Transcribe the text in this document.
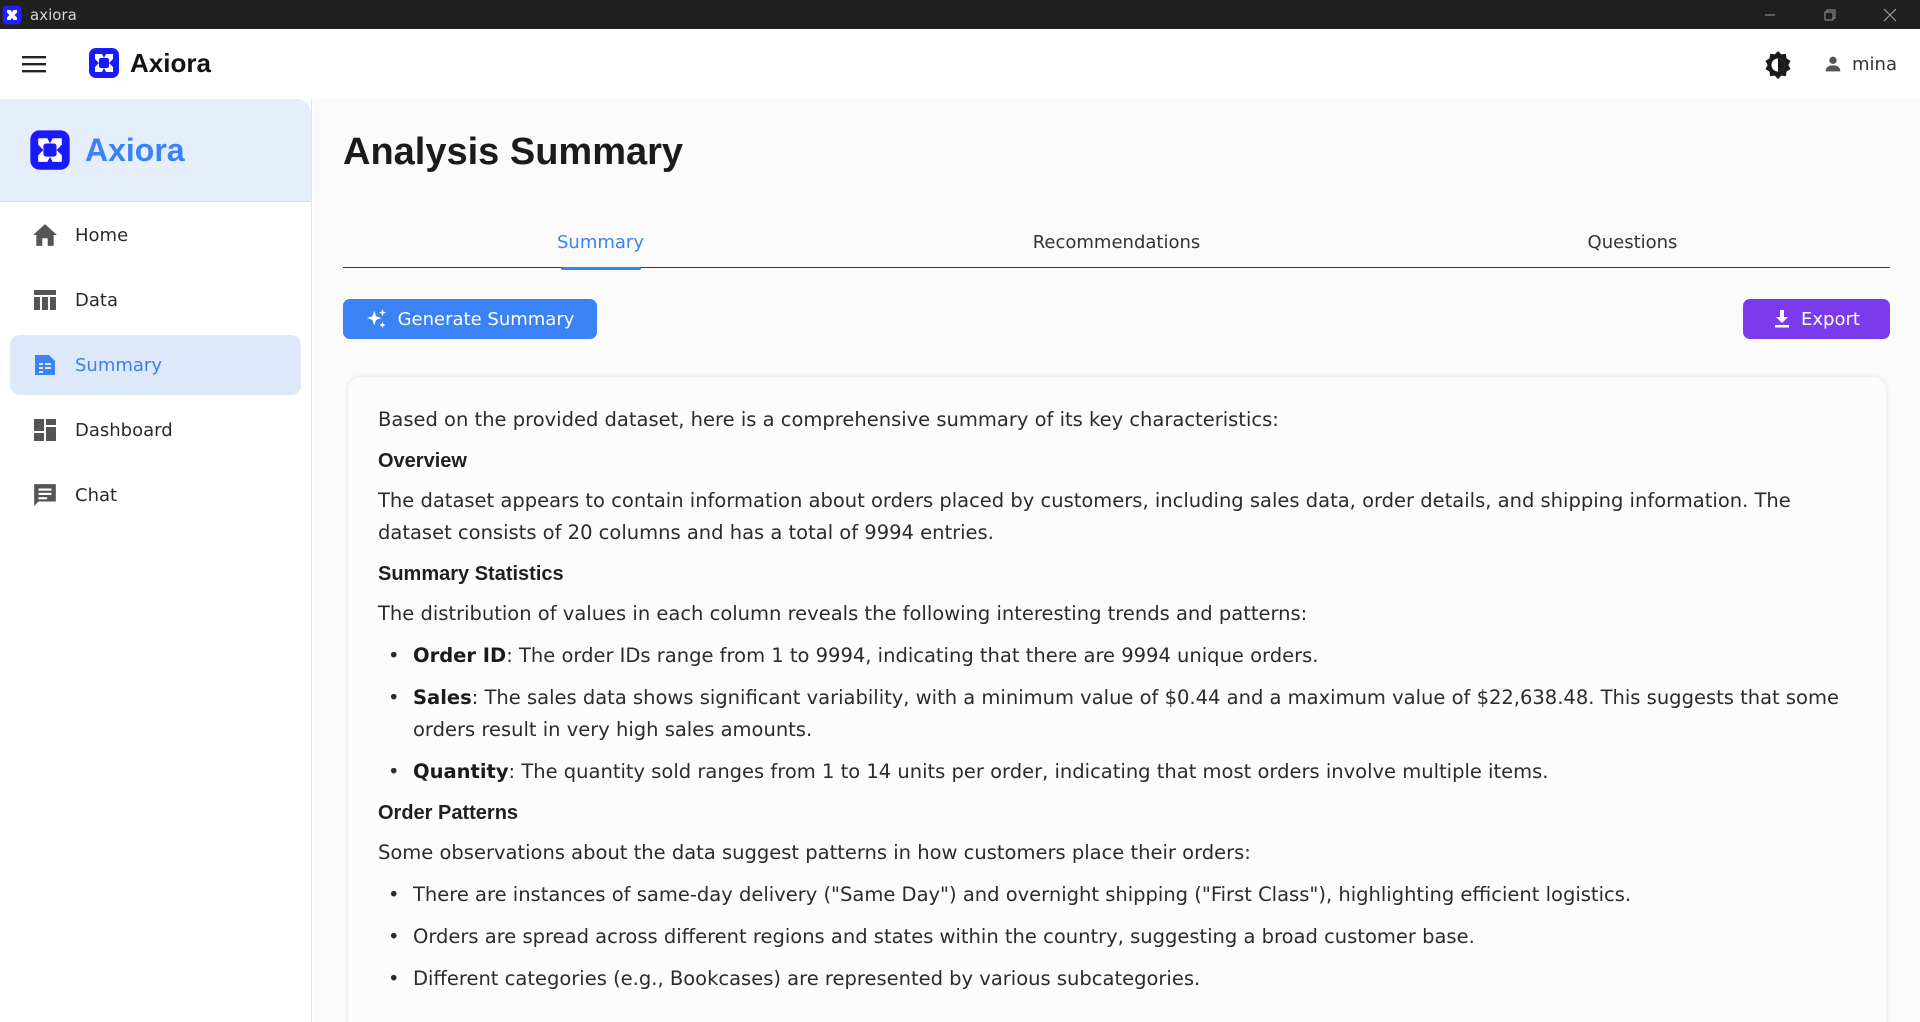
axiora
Axiora	mina
Axiora
Home
Data
Summary
Dashboard
Chat
Analysis Summary
Summary	Recommendations	Questions
Generate Summary	Export

Based on the provided dataset, here is a comprehensive summary of its key characteristics:

Overview

The dataset appears to contain information about orders placed by customers, including sales data, order details, and shipping information. The dataset consists of 20 columns and has a total of 9994 entries.

Summary Statistics

The distribution of values in each column reveals the following interesting trends and patterns:

• Order ID: The order IDs range from 1 to 9994, indicating that there are 9994 unique orders.
• Sales: The sales data shows significant variability, with a minimum value of $0.44 and a maximum value of $22,638.48. This suggests that some orders result in very high sales amounts.
• Quantity: The quantity sold ranges from 1 to 14 units per order, indicating that most orders involve multiple items.
Order Patterns

Some observations about the data suggest patterns in how customers place their orders:

• There are instances of same-day delivery ("Same Day") and overnight shipping ("First Class"), highlighting efficient logistics.
• Orders are spread across different regions and states within the country, suggesting a broad customer base.
• Different categories (e.g., Bookcases) are represented by various subcategories.
